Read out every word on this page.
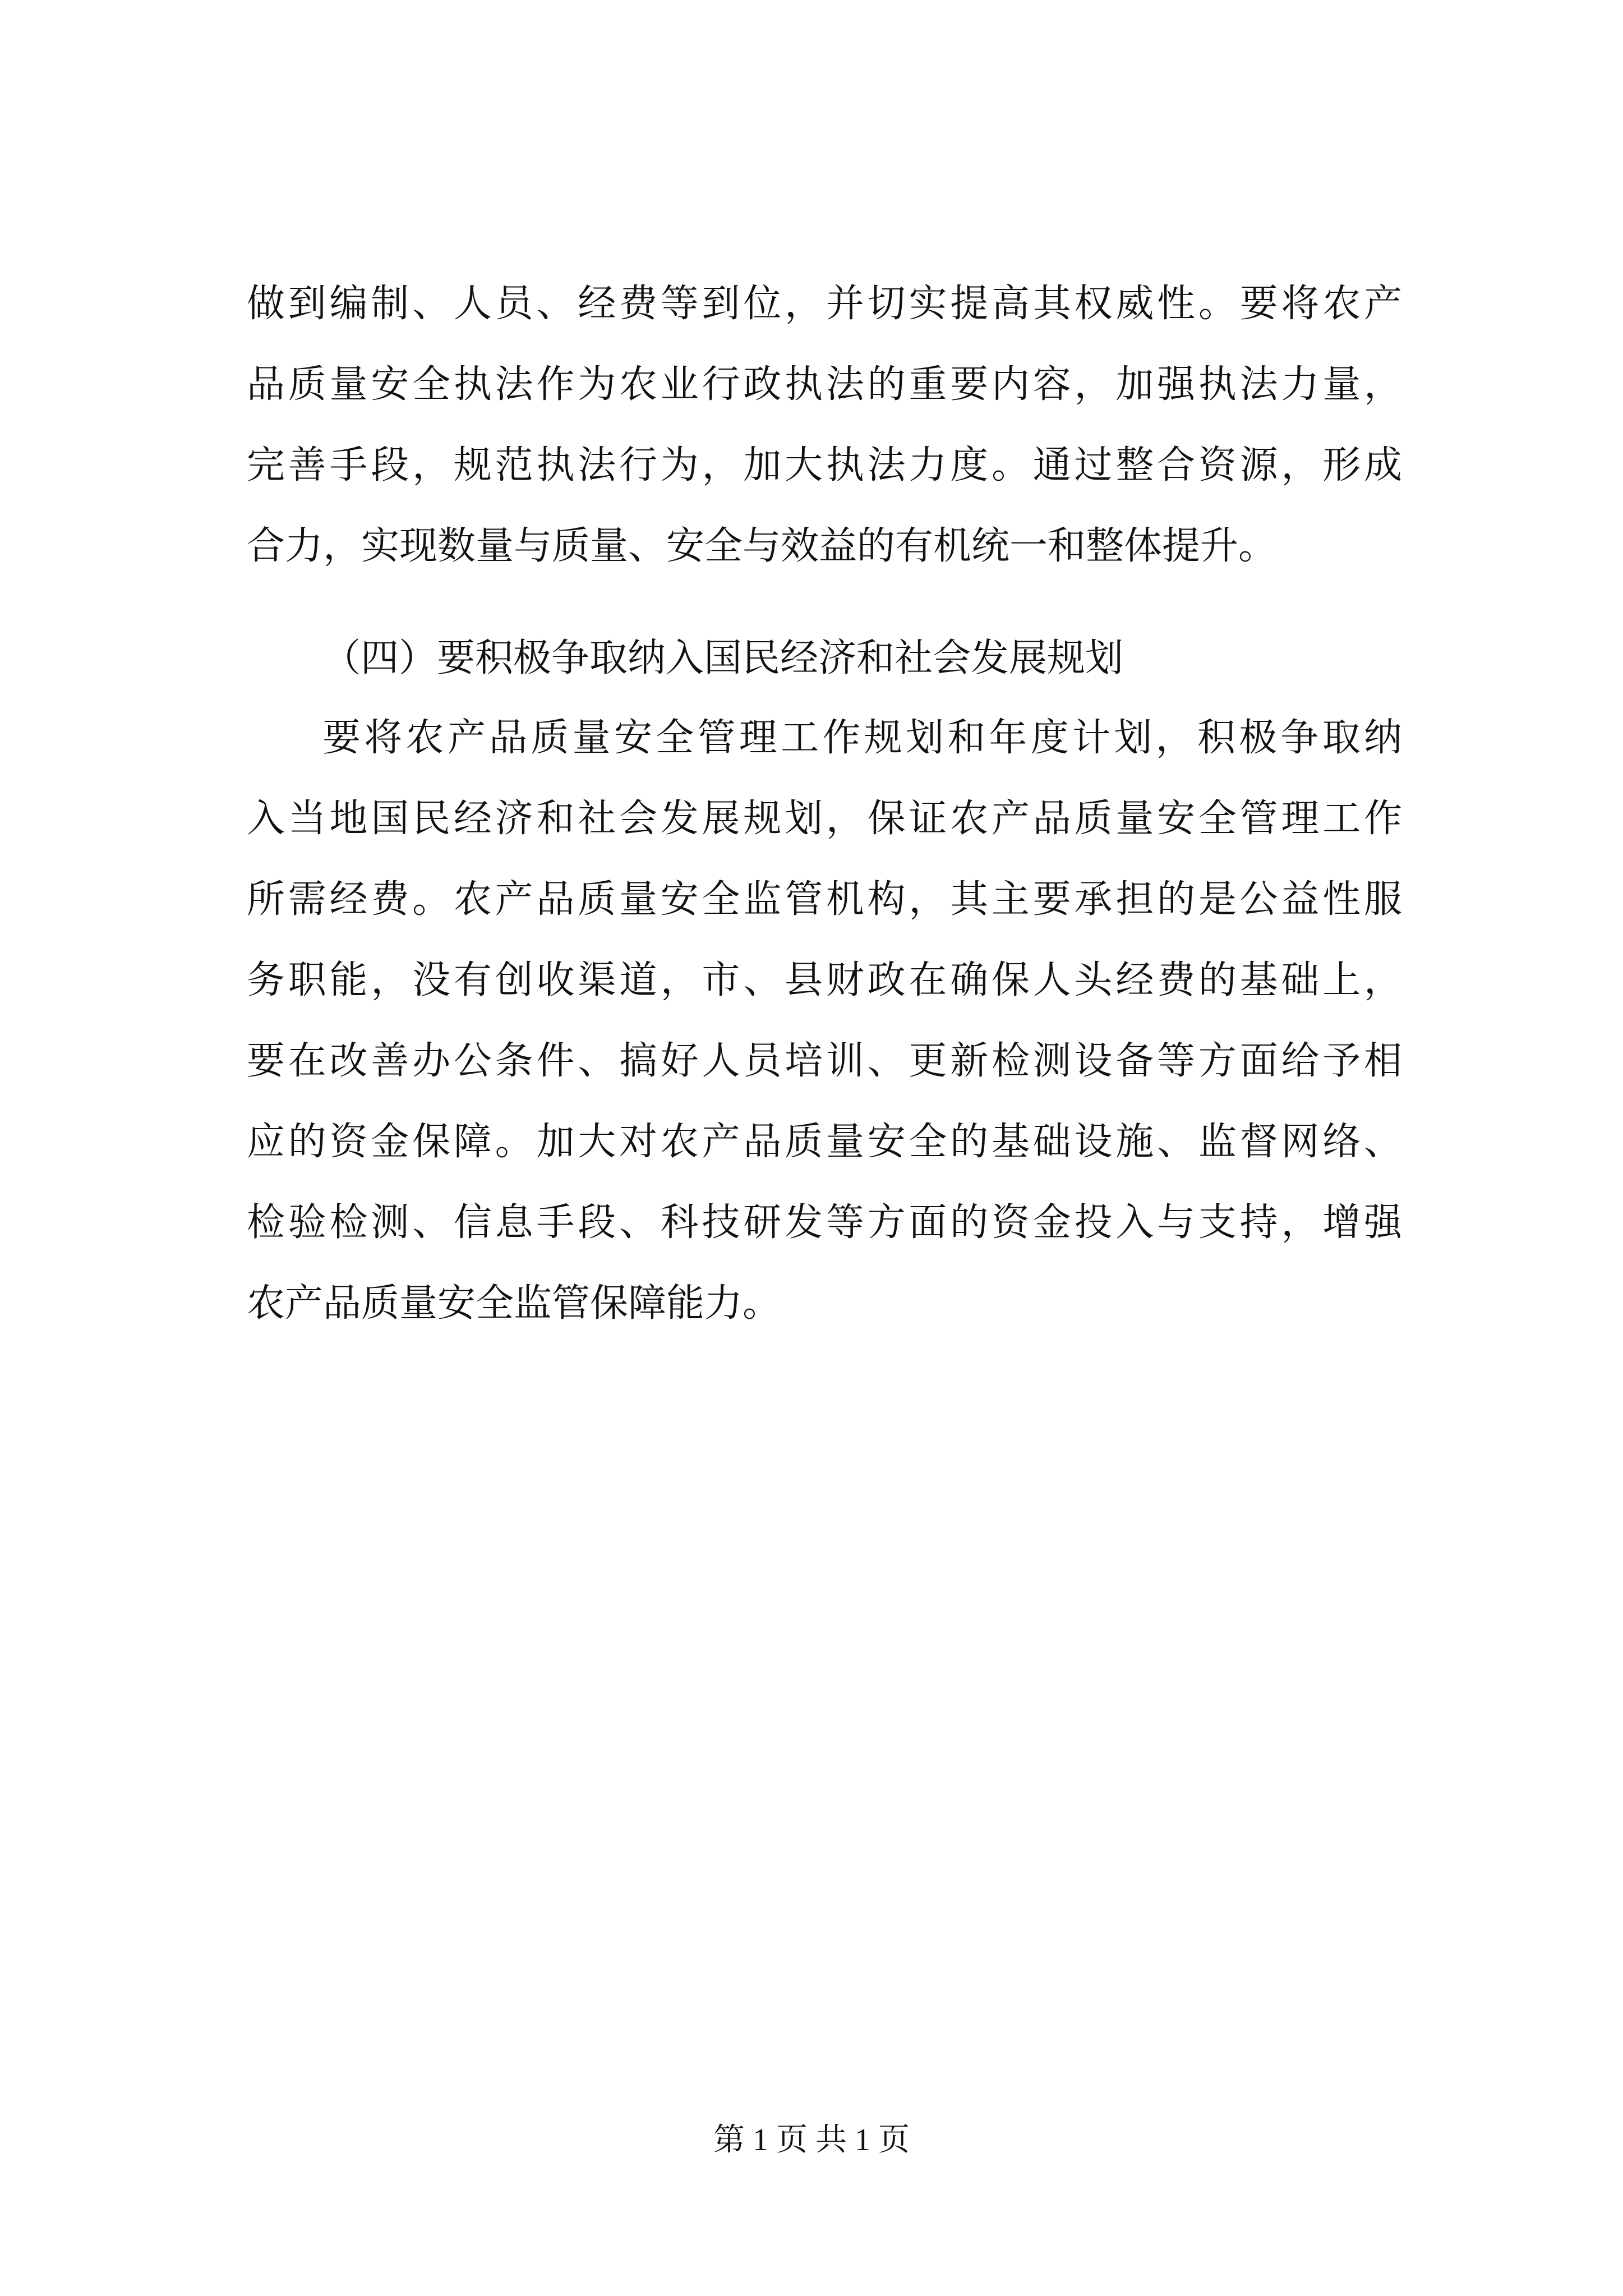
做到编制、人员、经费等到位，并切实提高其权威性。要将农产
品质量安全执法作为农业行政执法的重要内容，加强执法力量，
完善手段，规范执法行为，加大执法力度。通过整合资源，形成
合力，实现数量与质量、安全与效益的有机统一和整体提升。
（四）要积极争取纳入国民经济和社会发展规划
要将农产品质量安全管理工作规划和年度计划，积极争取纳
入当地国民经济和社会发展规划，保证农产品质量安全管理工作
所需经费。农产品质量安全监管机构，其主要承担的是公益性服
务职能，没有创收渠道，市、县财政在确保人头经费的基础上，
要在改善办公条件、搞好人员培训、更新检测设备等方面给予相
应的资金保障。加大对农产品质量安全的基础设施、监督网络、
检验检测、信息手段、科技研发等方面的资金投入与支持，增强
农产品质量安全监管保障能力。
第 1 页 共 1 页
